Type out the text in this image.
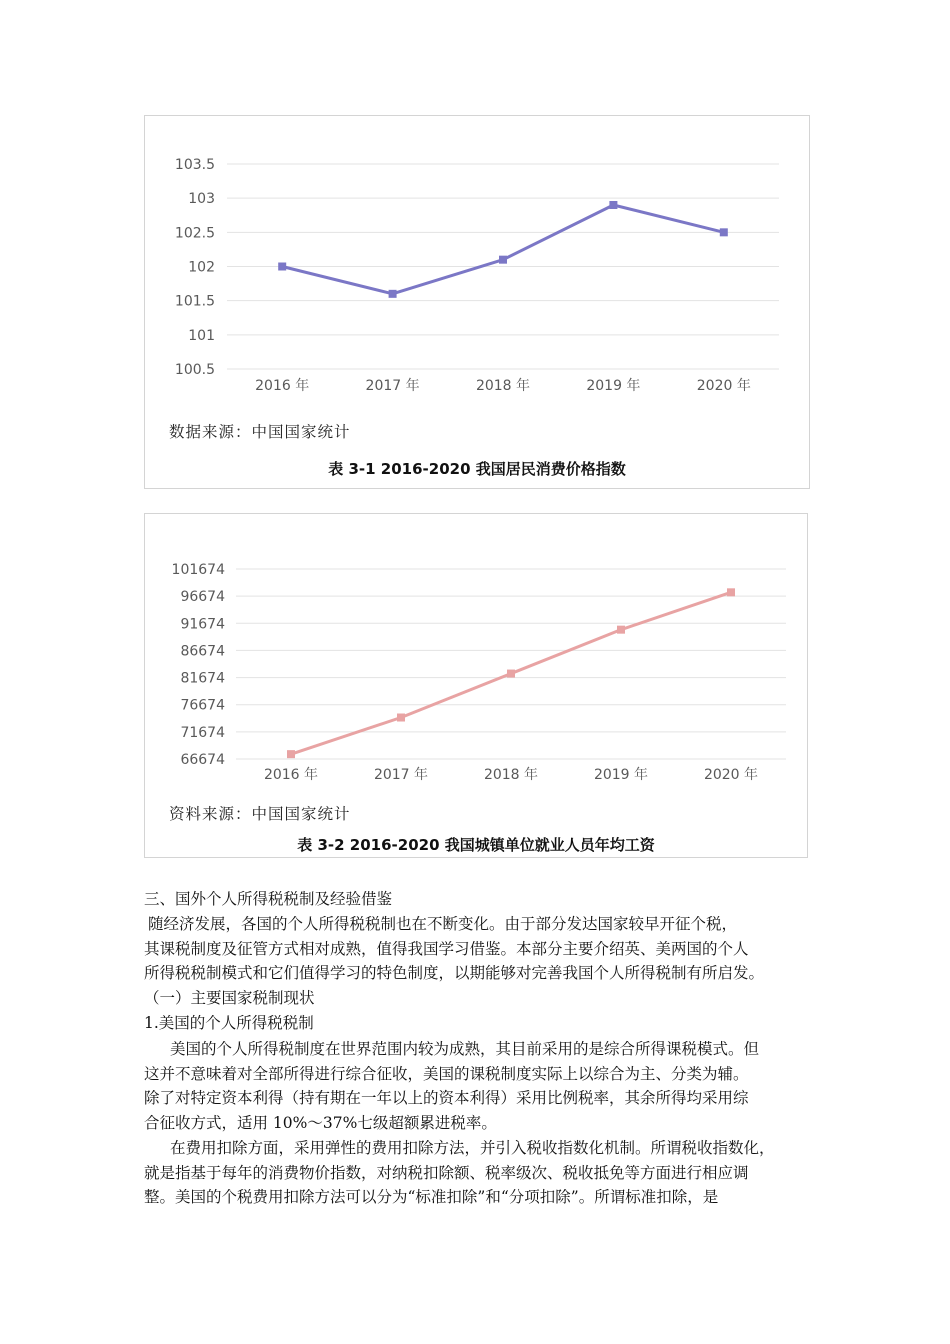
100.5
101
101.5
102
102.5
103
103.5
2016 年	2017 年	2018 年	2019 年	2020 年
数据来源：中国国家统计
表 3-1 2016-2020 我国居民消费价格指数
66674
71674
76674
81674
86674
91674
96674
101674
2016 年	2017 年	2018 年	2019 年	2020 年
资料来源：中国国家统计
表 3-2 2016-2020 我国城镇单位就业人员年均工资
三、国外个人所得税税制及经验借鉴
随经济发展，各国的个人所得税税制也在不断变化。由于部分发达国家较早开征个税，
其课税制度及征管方式相对成熟，值得我国学习借鉴。本部分主要介绍英、美两国的个人
所得税税制模式和它们值得学习的特色制度，以期能够对完善我国个人所得税制有所启发。
（一）主要国家税制现状
1.美国的个人所得税税制
美国的个人所得税制度在世界范围内较为成熟，其目前采用的是综合所得课税模式。但
这并不意味着对全部所得进行综合征收，美国的课税制度实际上以综合为主、分类为辅。
除了对特定资本利得（持有期在一年以上的资本利得）采用比例税率，其余所得均采用综
合征收方式，适用 10%～37%七级超额累进税率。
在费用扣除方面，采用弹性的费用扣除方法，并引入税收指数化机制。所谓税收指数化，
就是指基于每年的消费物价指数，对纳税扣除额、税率级次、税收抵免等方面进行相应调
整。美国的个税费用扣除方法可以分为“标准扣除”和“分项扣除”。所谓标准扣除，是
